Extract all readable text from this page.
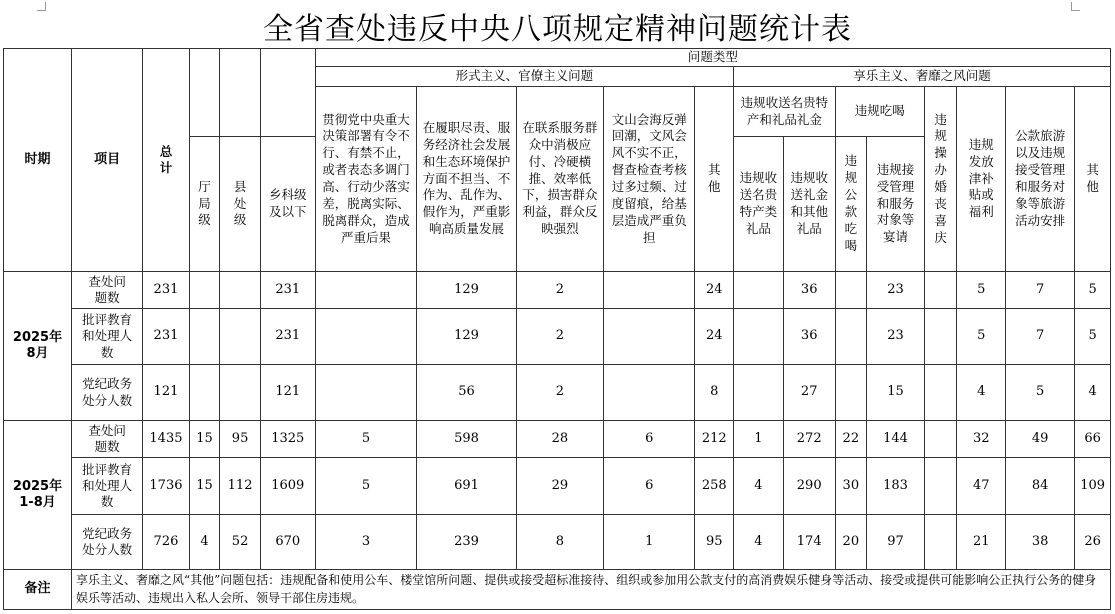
全省查处违反中央八项规定精神问题统计表
时期	项目	总计				问题类型												
						形式主义、官僚主义问题					享乐主义、奢靡之风问题							
						贯彻党中央重大决策部署有令不行、有禁不止，或者表态多调门高、行动少落实差，脱离实际、脱离群众，造成严重后果	在履职尽责、服务经济社会发展和生态环境保护方面不担当、不作为、乱作为、假作为，严重影响高质量发展	在联系服务群众中消极应付、冷硬横推、效率低下，损害群众利益，群众反映强烈	文山会海反弹回潮，文风会风不实不正，督查检查考核过多过频、过度留痕，给基层造成严重负担	其他	违规收送名贵特产和礼品礼金		违规吃喝		违规操办婚丧喜庆	违规发放津补贴或福利	公款旅游以及违规接受管理和服务对象等旅游活动安排	其他
			厅局级	县处级	乡科级及以下						违规收送名贵特产类礼品	违规收送礼金和其他礼品	违规公款吃喝	违规接受管理和服务对象等宴请				
2025年8月	查处问题数	231			231		129	2		24		36		23		5	7	5
	批评教育和处理人数	231			231		129	2		24		36		23		5	7	5
	党纪政务处分人数	121			121		56	2		8		27		15		4	5	4
2025年1-8月	查处问题数	1435	15	95	1325	5	598	28	6	212	1	272	22	144		32	49	66
	批评教育和处理人数	1736	15	112	1609	5	691	29	6	258	4	290	30	183		47	84	109
	党纪政务处分人数	726	4	52	670	3	239	8	1	95	4	174	20	97		21	38	26
备注	享乐主义、奢靡之风“其他”问题包括：违规配备和使用公车、楼堂馆所问题、提供或接受超标准接待、组织或参加用公款支付的高消费娱乐健身等活动、接受或提供可能影响公正执行公务的健身娱乐等活动、违规出入私人会所、领导干部住房违规。																	
